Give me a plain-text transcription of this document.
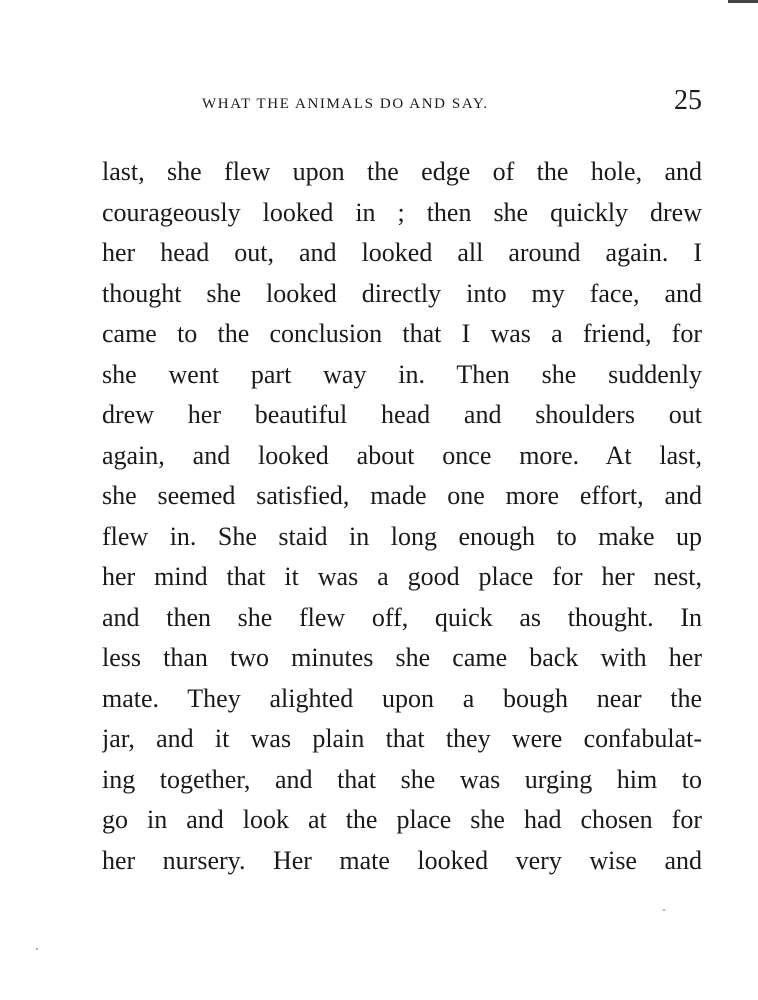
WHAT THE ANIMALS DO AND SAY.	25
last, she flew upon the edge of the hole, and
courageously looked in ; then she quickly drew
her head out, and looked all around again. I
thought she looked directly into my face, and
came to the conclusion that I was a friend, for
she went part way in. Then she suddenly
drew her beautiful head and shoulders out
again, and looked about once more. At last,
she seemed satisfied, made one more effort, and
flew in. She staid in long enough to make up
her mind that it was a good place for her nest,
and then she flew off, quick as thought. In
less than two minutes she came back with her
mate. They alighted upon a bough near the
jar, and it was plain that they were confabulat-
ing together, and that she was urging him to
go in and look at the place she had chosen for
her nursery. Her mate looked very wise and
